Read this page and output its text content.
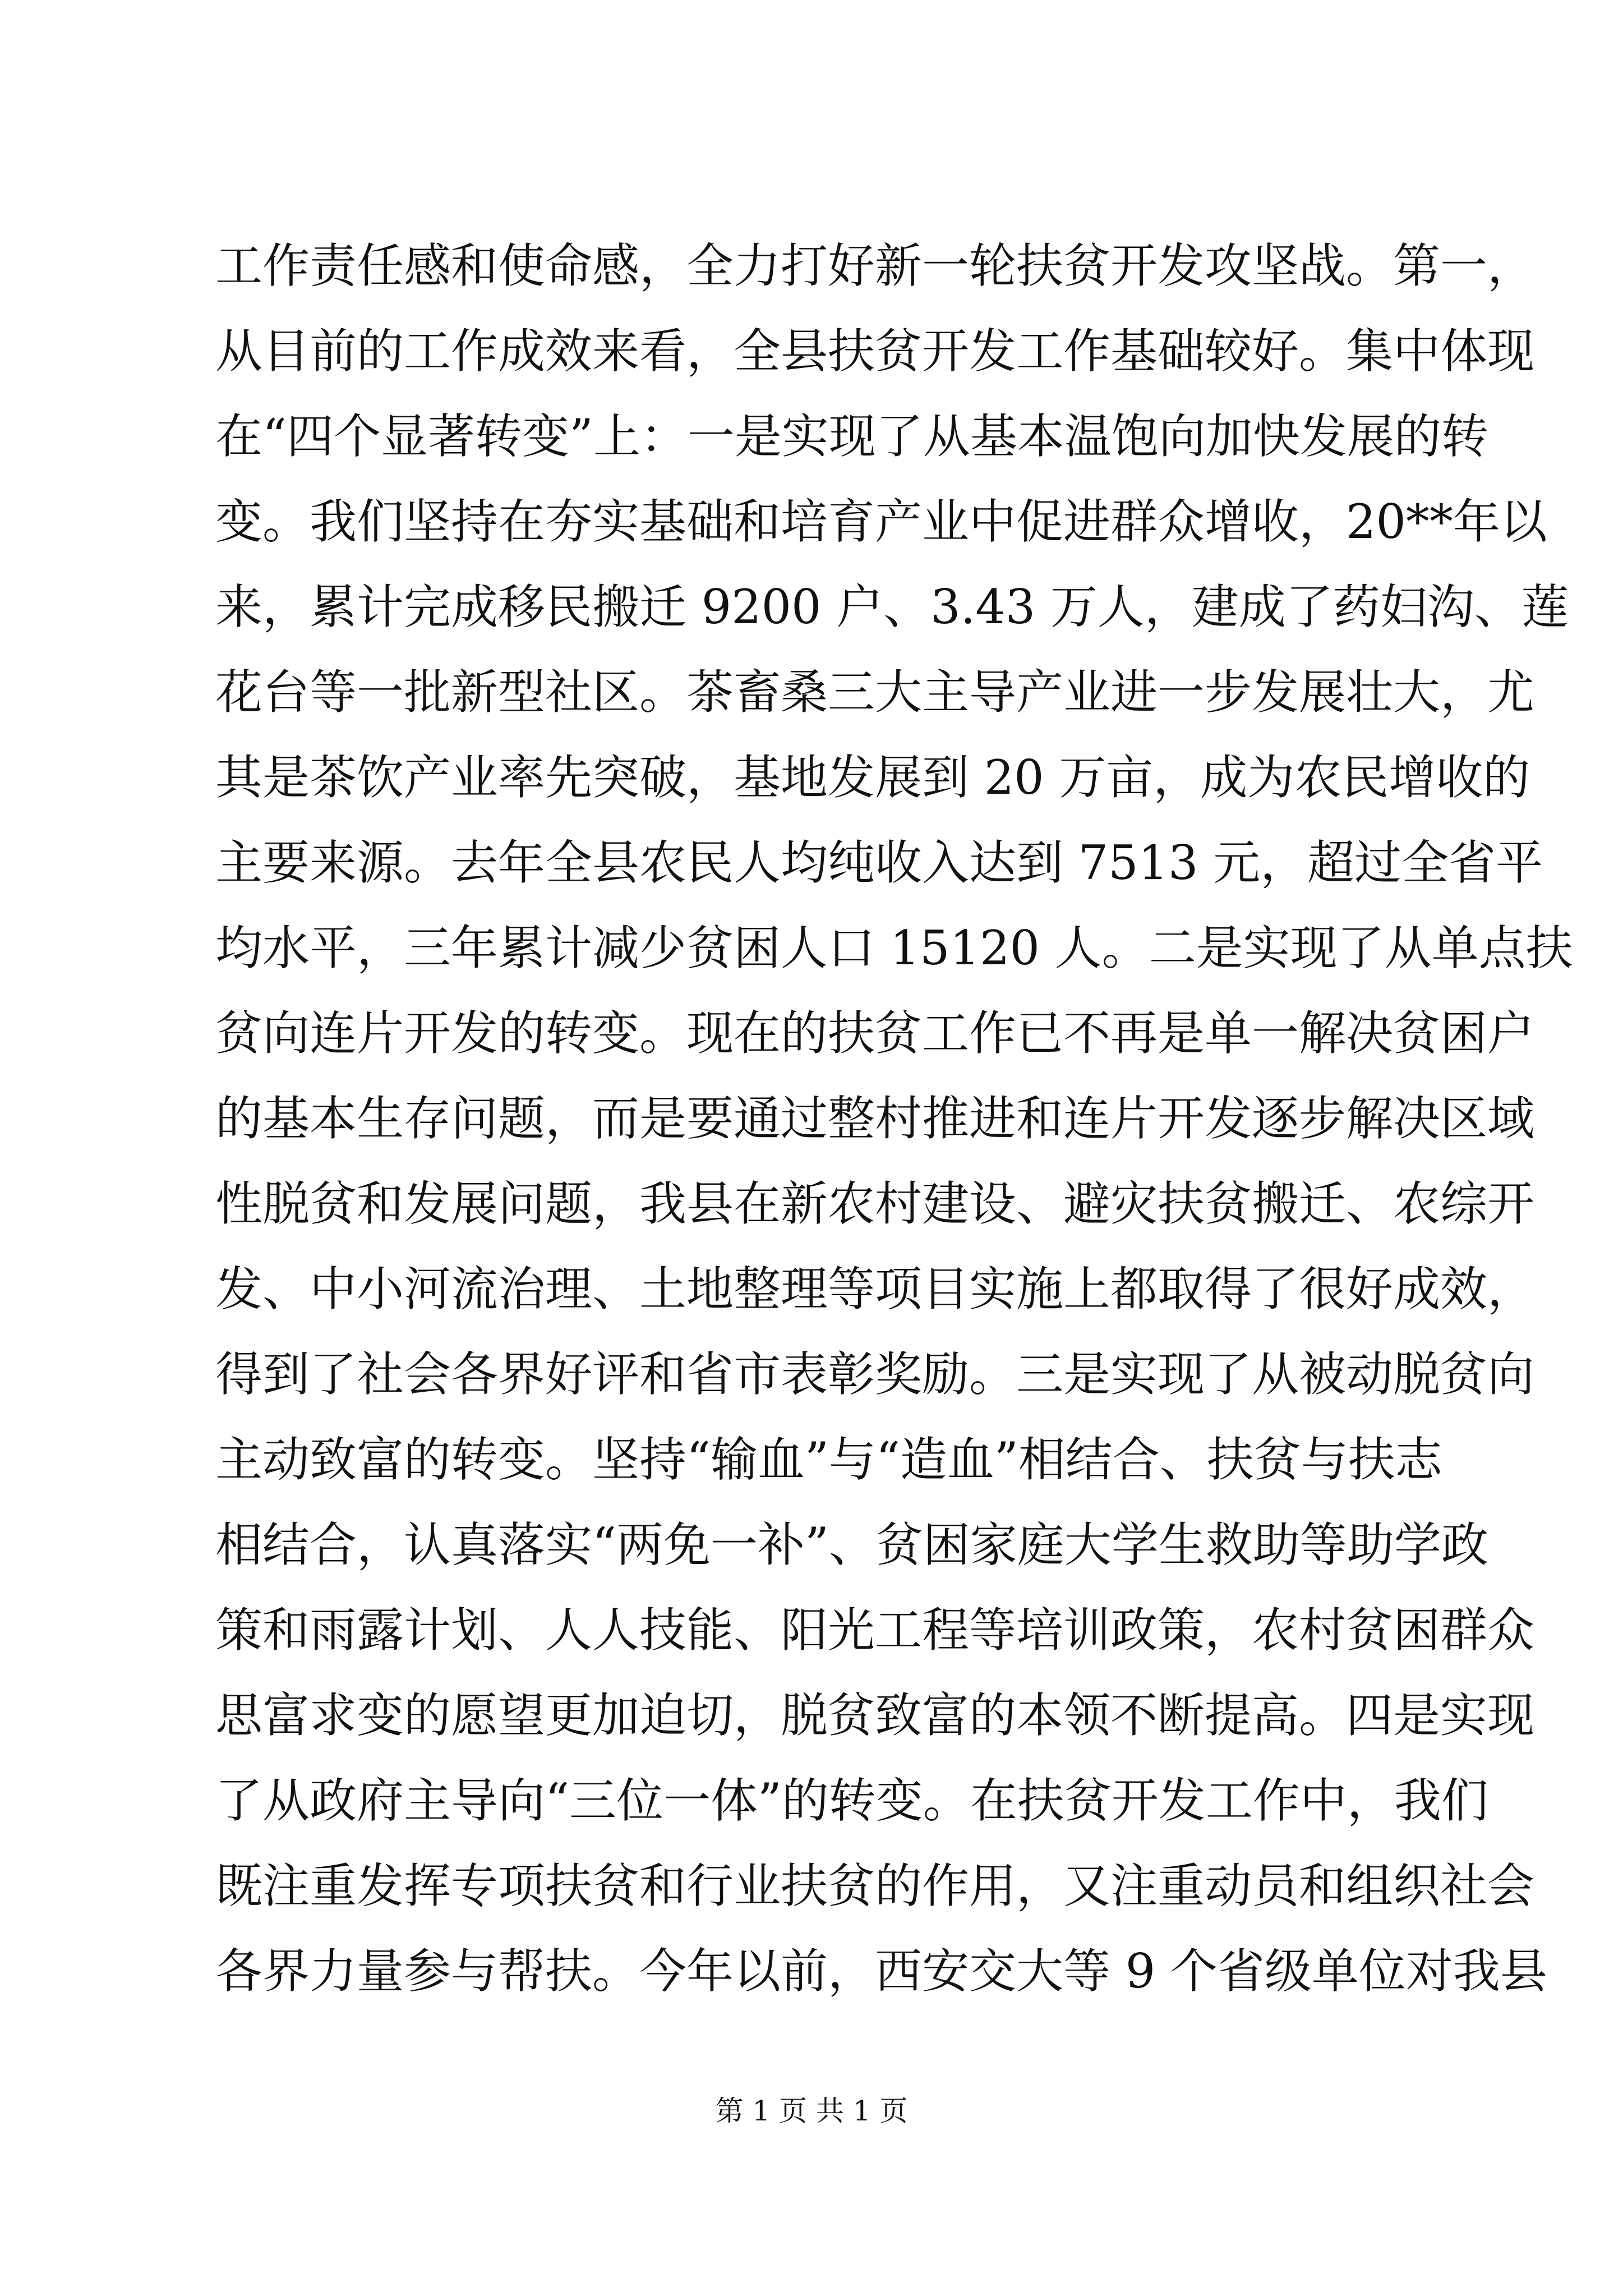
工作责任感和使命感，全力打好新一轮扶贫开发攻坚战。第一，
从目前的工作成效来看，全县扶贫开发工作基础较好。集中体现
在“四个显著转变”上：一是实现了从基本温饱向加快发展的转
变。我们坚持在夯实基础和培育产业中促进群众增收，20**年以
来，累计完成移民搬迁 9200 户、3.43 万人，建成了药妇沟、莲
花台等一批新型社区。茶畜桑三大主导产业进一步发展壮大，尤
其是茶饮产业率先突破，基地发展到 20 万亩，成为农民增收的
主要来源。去年全县农民人均纯收入达到 7513 元，超过全省平
均水平，三年累计减少贫困人口 15120 人。二是实现了从单点扶
贫向连片开发的转变。现在的扶贫工作已不再是单一解决贫困户
的基本生存问题，而是要通过整村推进和连片开发逐步解决区域
性脱贫和发展问题，我县在新农村建设、避灾扶贫搬迁、农综开
发、中小河流治理、土地整理等项目实施上都取得了很好成效，
得到了社会各界好评和省市表彰奖励。三是实现了从被动脱贫向
主动致富的转变。坚持“输血”与“造血”相结合、扶贫与扶志
相结合，认真落实“两免一补”、贫困家庭大学生救助等助学政
策和雨露计划、人人技能、阳光工程等培训政策，农村贫困群众
思富求变的愿望更加迫切，脱贫致富的本领不断提高。四是实现
了从政府主导向“三位一体”的转变。在扶贫开发工作中，我们
既注重发挥专项扶贫和行业扶贫的作用，又注重动员和组织社会
各界力量参与帮扶。今年以前，西安交大等 9 个省级单位对我县
第 1 页 共 1 页
